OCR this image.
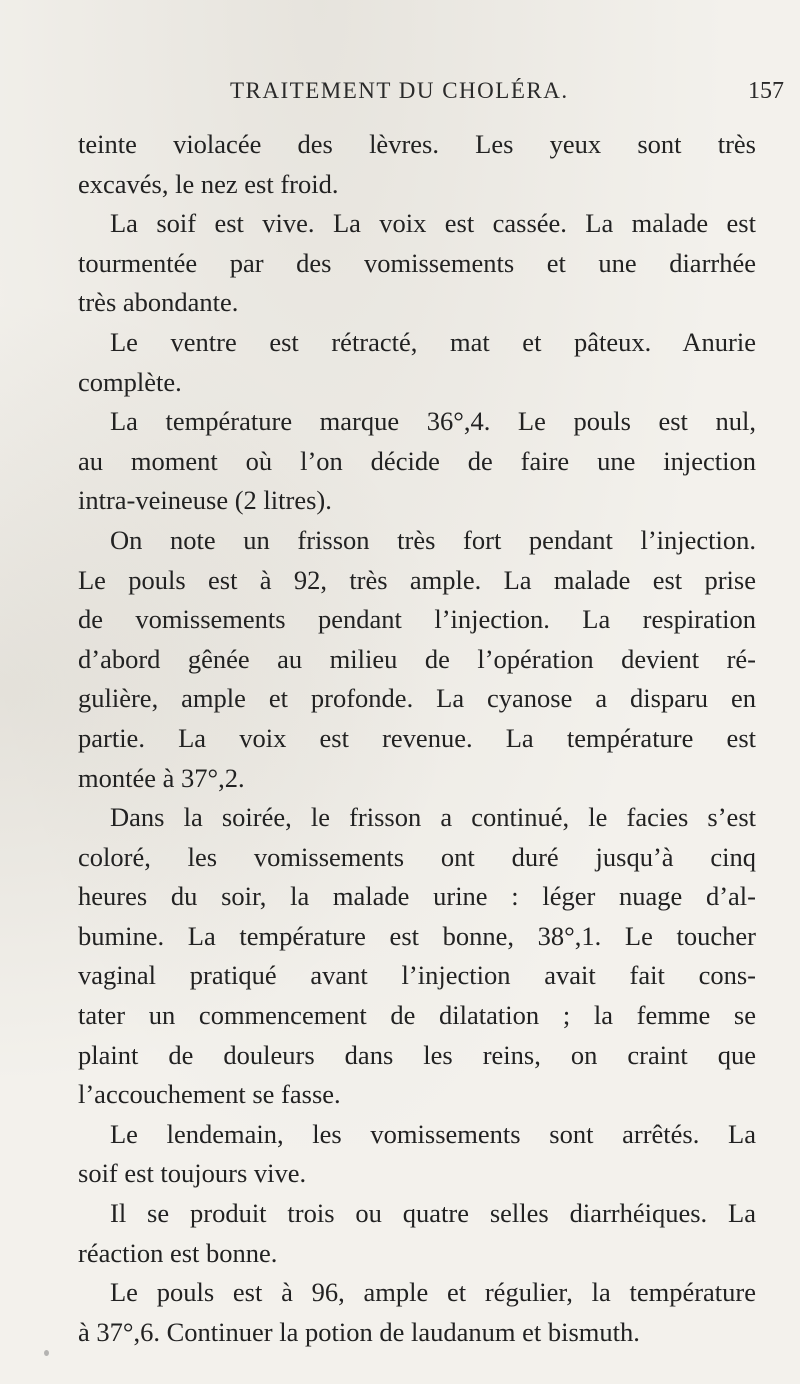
TRAITEMENT DU CHOLÉRA.	157
teinte violacée des lèvres. Les yeux sont très
excavés, le nez est froid.
La soif est vive. La voix est cassée. La malade est
tourmentée par des vomissements et une diarrhée
très abondante.
Le ventre est rétracté, mat et pâteux. Anurie
complète.
La température marque 36°,4. Le pouls est nul,
au moment où l’on décide de faire une injection
intra-veineuse (2 litres).
On note un frisson très fort pendant l’injection.
Le pouls est à 92, très ample. La malade est prise
de vomissements pendant l’injection. La respiration
d’abord gênée au milieu de l’opération devient ré-
gulière, ample et profonde. La cyanose a disparu en
partie. La voix est revenue. La température est
montée à 37°,2.
Dans la soirée, le frisson a continué, le facies s’est
coloré, les vomissements ont duré jusqu’à cinq
heures du soir, la malade urine : léger nuage d’al-
bumine. La température est bonne, 38°,1. Le toucher
vaginal pratiqué avant l’injection avait fait cons-
tater un commencement de dilatation ; la femme se
plaint de douleurs dans les reins, on craint que
l’accouchement se fasse.
Le lendemain, les vomissements sont arrêtés. La
soif est toujours vive.
Il se produit trois ou quatre selles diarrhéiques. La
réaction est bonne.
Le pouls est à 96, ample et régulier, la température
à 37°,6. Continuer la potion de laudanum et bismuth.
